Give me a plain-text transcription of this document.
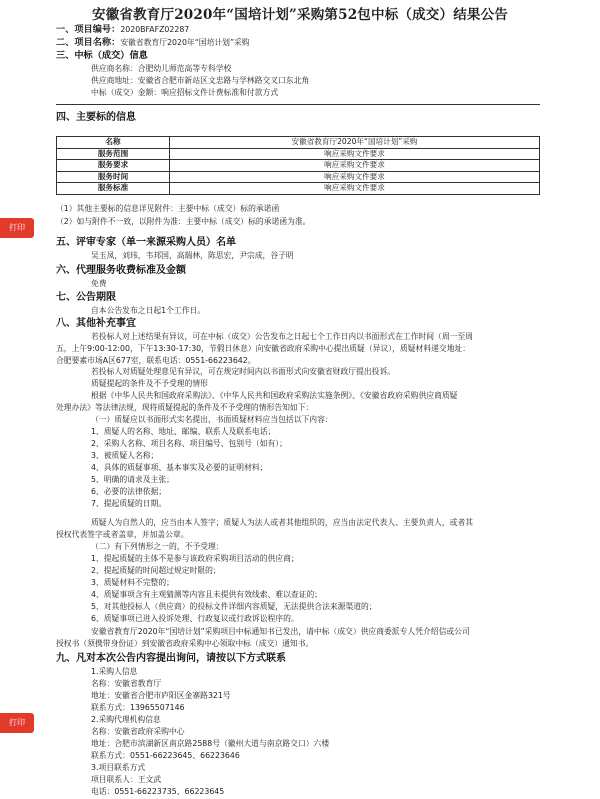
安徽省教育厅2020年“国培计划”采购第52包中标（成交）结果公告
打印
打印
一、项目编号：2020BFAFZ02287
二、项目名称：安徽省教育厅2020年“国培计划”采购
三、中标（成交）信息
供应商名称：合肥幼儿师范高等专科学校
供应商地址：安徽省合肥市新站区文忠路与学林路交叉口东北角
中标（成交）金额：响应招标文件计费标准和付款方式
四、主要标的信息
名称	安徽省教育厅2020年“国培计划”采购
服务范围	响应采购文件要求
服务要求	响应采购文件要求
服务时间	响应采购文件要求
服务标准	响应采购文件要求
（1）其他主要标的信息详见附件：主要中标（成交）标的承诺函
（2）如与附件不一致，以附件为准：主要中标（成交）标的承诺函为准。
五、评审专家（单一来源采购人员）名单
吴玉凤，刘玮，韦邦国，高瑞林，陈思宏，尹宗成，谷子明
六、代理服务收费标准及金额
免费
七、公告期限
自本公告发布之日起1个工作日。
八、其他补充事宜
若投标人对上述结果有异议，可在中标（成交）公告发布之日起七个工作日内以书面形式在工作时间（周一至周
五，上午9:00-12:00，下午13:30-17:30，节假日休息）向安徽省政府采购中心提出质疑（异议），质疑材料递交地址：
合肥要素市场A区677室，联系电话：0551-66223642。
若投标人对质疑处理意见有异议，可在规定时间内以书面形式向安徽省财政厅提出投诉。
质疑提起的条件及不予受理的情形
根据《中华人民共和国政府采购法》、《中华人民共和国政府采购法实施条例》、《安徽省政府采购供应商质疑
处理办法》等法律法规，现将质疑提起的条件及不予受理的情形告知如下：
（一）质疑应以书面形式实名提出，书面质疑材料应当包括以下内容：
1、质疑人的名称、地址、邮编、联系人及联系电话；
2、采购人名称、项目名称、项目编号、包别号（如有）；
3、被质疑人名称；
4、具体的质疑事项、基本事实及必要的证明材料；
5、明确的请求及主张；
6、必要的法律依据；
7、提起质疑的日期。
质疑人为自然人的，应当由本人签字；质疑人为法人或者其他组织的，应当由法定代表人、主要负责人，或者其
授权代表签字或者盖章，并加盖公章。
（二）有下列情形之一的，不予受理：
1、提起质疑的主体不是参与该政府采购项目活动的供应商；
2、提起质疑的时间超过规定时限的；
3、质疑材料不完整的；
4、质疑事项含有主观猜测等内容且未提供有效线索、难以查证的；
5、对其他投标人（供应商）的投标文件详细内容质疑，无法提供合法来源渠道的；
6、质疑事项已进入投诉处理、行政复议或行政诉讼程序的。
安徽省教育厅2020年“国培计划”采购项目中标通知书已发出，请中标（成交）供应商委派专人凭介绍信或公司
授权书（须携带身份证）到安徽省政府采购中心领取中标（成交）通知书。
九、凡对本次公告内容提出询问，请按以下方式联系
1.采购人信息
名称：安徽省教育厅
地址：安徽省合肥市庐阳区金寨路321号
联系方式：13965507146
2.采购代理机构信息
名称：安徽省政府采购中心
地址：合肥市滨湖新区南京路2588号（徽州大道与南京路交口）六楼
联系方式：0551-66223645、66223646
3.项目联系方式
项目联系人：王文武
电话：0551-66223735、66223645
